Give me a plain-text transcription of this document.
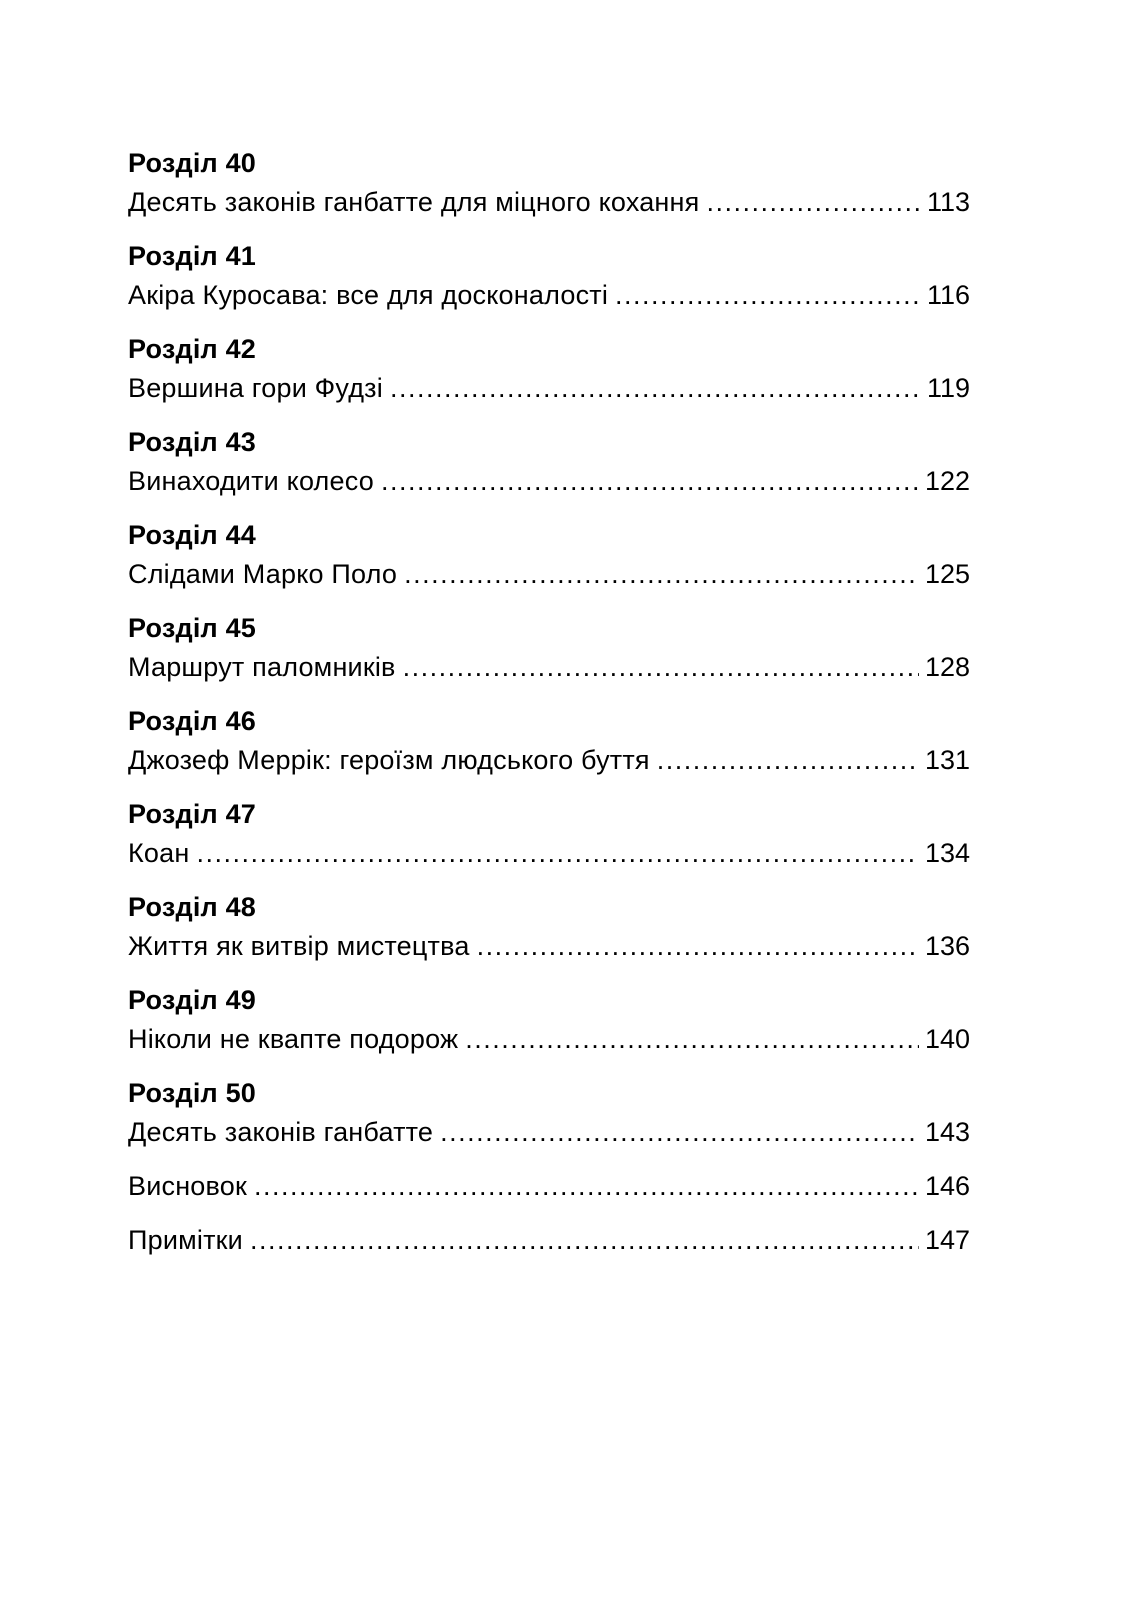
Розділ 40
Десять законів ганбатте для міцного кохання .....	113
Розділ 41
Акіра Куросава: все для досконалості .....	116
Розділ 42
Вершина гори Фудзі .....	119
Розділ 43
Винаходити колесо .....	122
Розділ 44
Слідами Марко Поло .....	125
Розділ 45
Маршрут паломників .....	128
Розділ 46
Джозеф Меррік: героїзм людського буття .....	131
Розділ 47
Коан .....	134
Розділ 48
Життя як витвір мистецтва .....	136
Розділ 49
Ніколи не квапте подорож .....	140
Розділ 50
Десять законів ганбатте .....	143
Висновок .....	146
Примітки .....	147
